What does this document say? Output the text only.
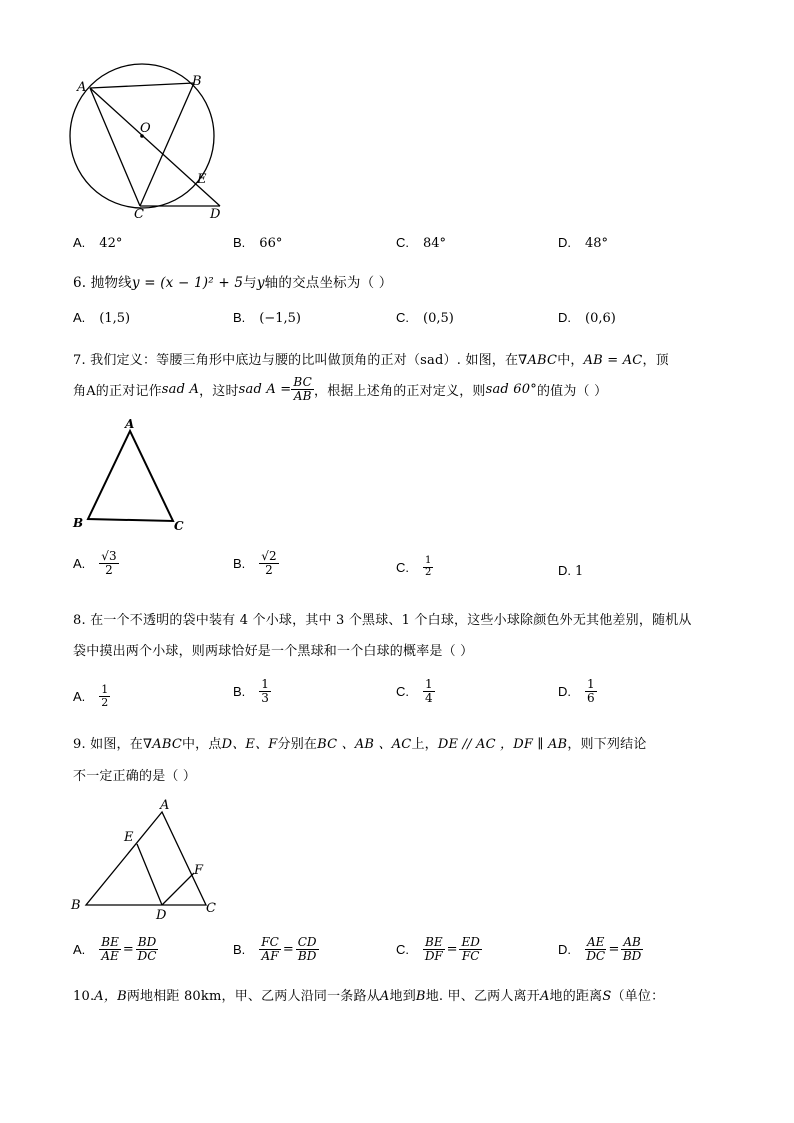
A	B
O
E
C	D
A. 42°	B. 66°	C. 84°	D. 48°
6. 抛物线y = (x − 1)² + 5与y轴的交点坐标为（ ）
A. (1,5)	B. (−1,5)	C. (0,5)	D. (0,6)
7. 我们定义：等腰三角形中底边与腰的比叫做顶角的正对（sad）. 如图，在∇ABC中，AB = AC，顶
角A的正对记作 sad A ，这时 sad $A = \frac{BC}{AB}$ ，根据上述角的正对定义，则 sad 60° 的值为（ ）
A
B	C
A. $\frac{√3}{2}$	B. $\frac{√2}{2}$	C. $\frac{1}{2}$	D. 1
8. 在一个不透明的袋中装有 4 个小球，其中 3 个黑球、1 个白球，这些小球除颜色外无其他差别，随机从
袋中摸出两个小球，则两球恰好是一个黑球和一个白球的概率是（ ）
A. $\frac{1}{2}$	B. $\frac{1}{3}$	C. $\frac{1}{4}$	D. $\frac{1}{6}$
9. 如图，在∇ABC中，点D、E、F分别在BC 、AB 、AC上，DE // AC ，DF ∥ AB，则下列结论
不一定正确的是（ ）
A
E
F
B
D	C
A. $\frac{BE}{AE} = \frac{BD}{DC}$	B. $\frac{FC}{AF} = \frac{CD}{BD}$	C. $\frac{BE}{DF} = \frac{ED}{FC}$	D. $\frac{AE}{DC} = \frac{AB}{BD}$
10.A，B两地相距 80km，甲、乙两人沿同一条路从A地到B地. 甲、乙两人离开A地的距离S（单位：
